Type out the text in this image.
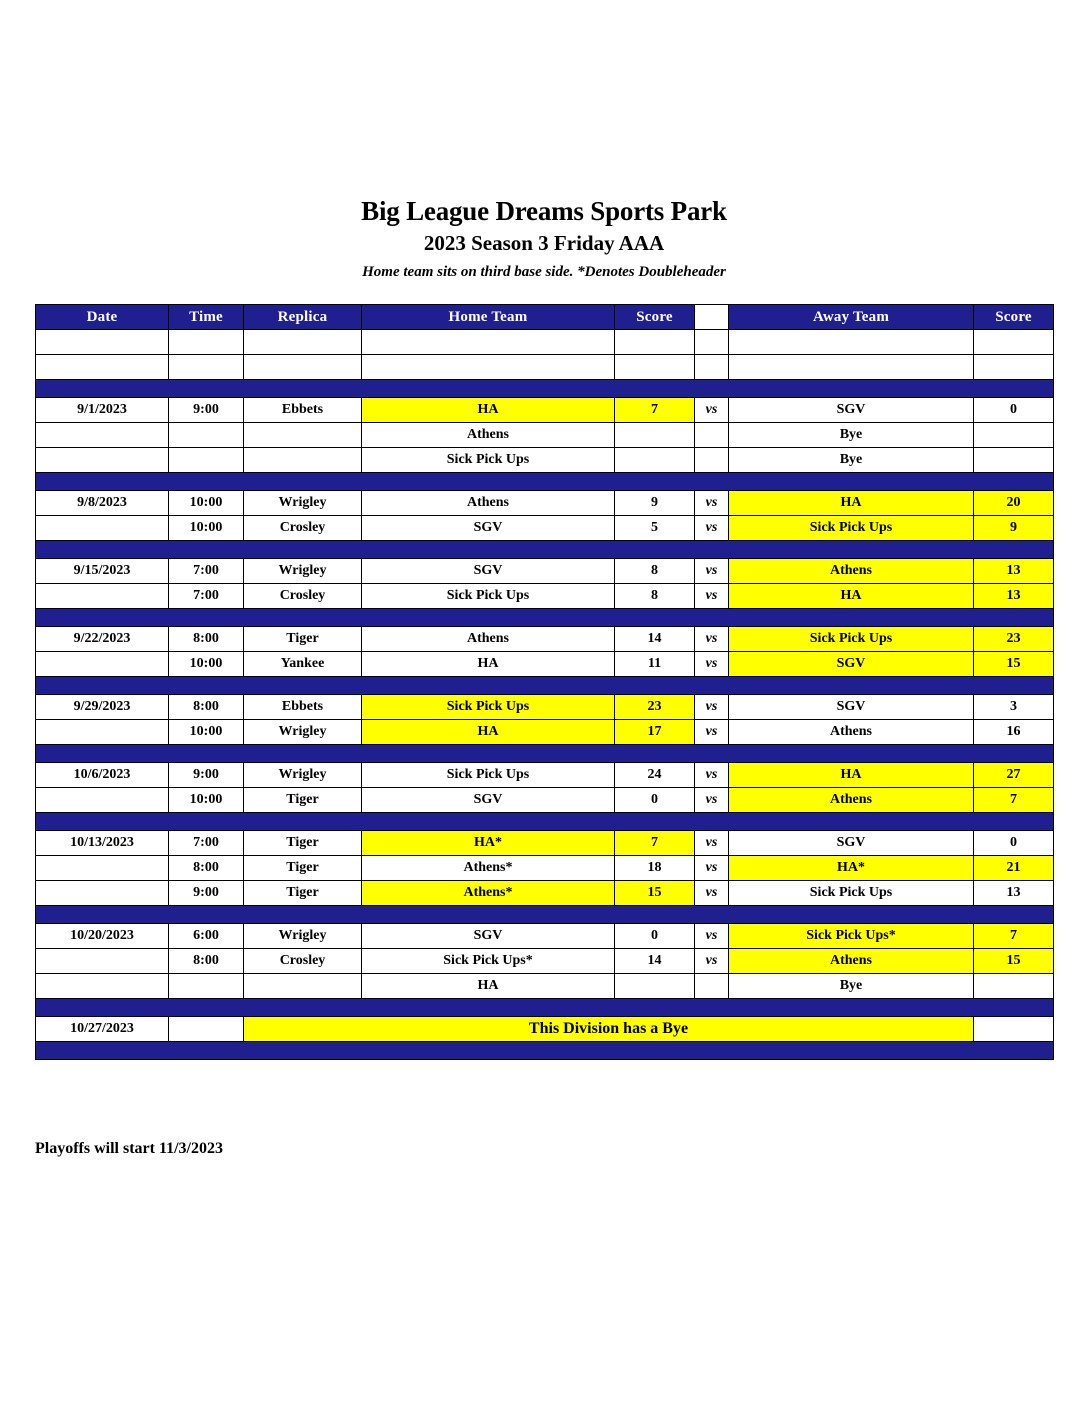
Big League Dreams Sports Park
2023 Season 3 Friday AAA
Home team sits on third base side. *Denotes Doubleheader
Date	Time	Replica	Home Team	Score		Away Team	Score

9/1/2023	9:00	Ebbets	HA	7	vs	SGV	0
			Athens			Bye	
			Sick Pick Ups			Bye	

9/8/2023	10:00	Wrigley	Athens	9	vs	HA	20
	10:00	Crosley	SGV	5	vs	Sick Pick Ups	9

9/15/2023	7:00	Wrigley	SGV	8	vs	Athens	13
	7:00	Crosley	Sick Pick Ups	8	vs	HA	13

9/22/2023	8:00	Tiger	Athens	14	vs	Sick Pick Ups	23
	10:00	Yankee	HA	11	vs	SGV	15

9/29/2023	8:00	Ebbets	Sick Pick Ups	23	vs	SGV	3
	10:00	Wrigley	HA	17	vs	Athens	16

10/6/2023	9:00	Wrigley	Sick Pick Ups	24	vs	HA	27
	10:00	Tiger	SGV	0	vs	Athens	7

10/13/2023	7:00	Tiger	HA*	7	vs	SGV	0
	8:00	Tiger	Athens*	18	vs	HA*	21
	9:00	Tiger	Athens*	15	vs	Sick Pick Ups	13

10/20/2023	6:00	Wrigley	SGV	0	vs	Sick Pick Ups*	7
	8:00	Crosley	Sick Pick Ups*	14	vs	Athens	15
			HA			Bye	

10/27/2023		This Division has a Bye					

Playoffs will start 11/3/2023
